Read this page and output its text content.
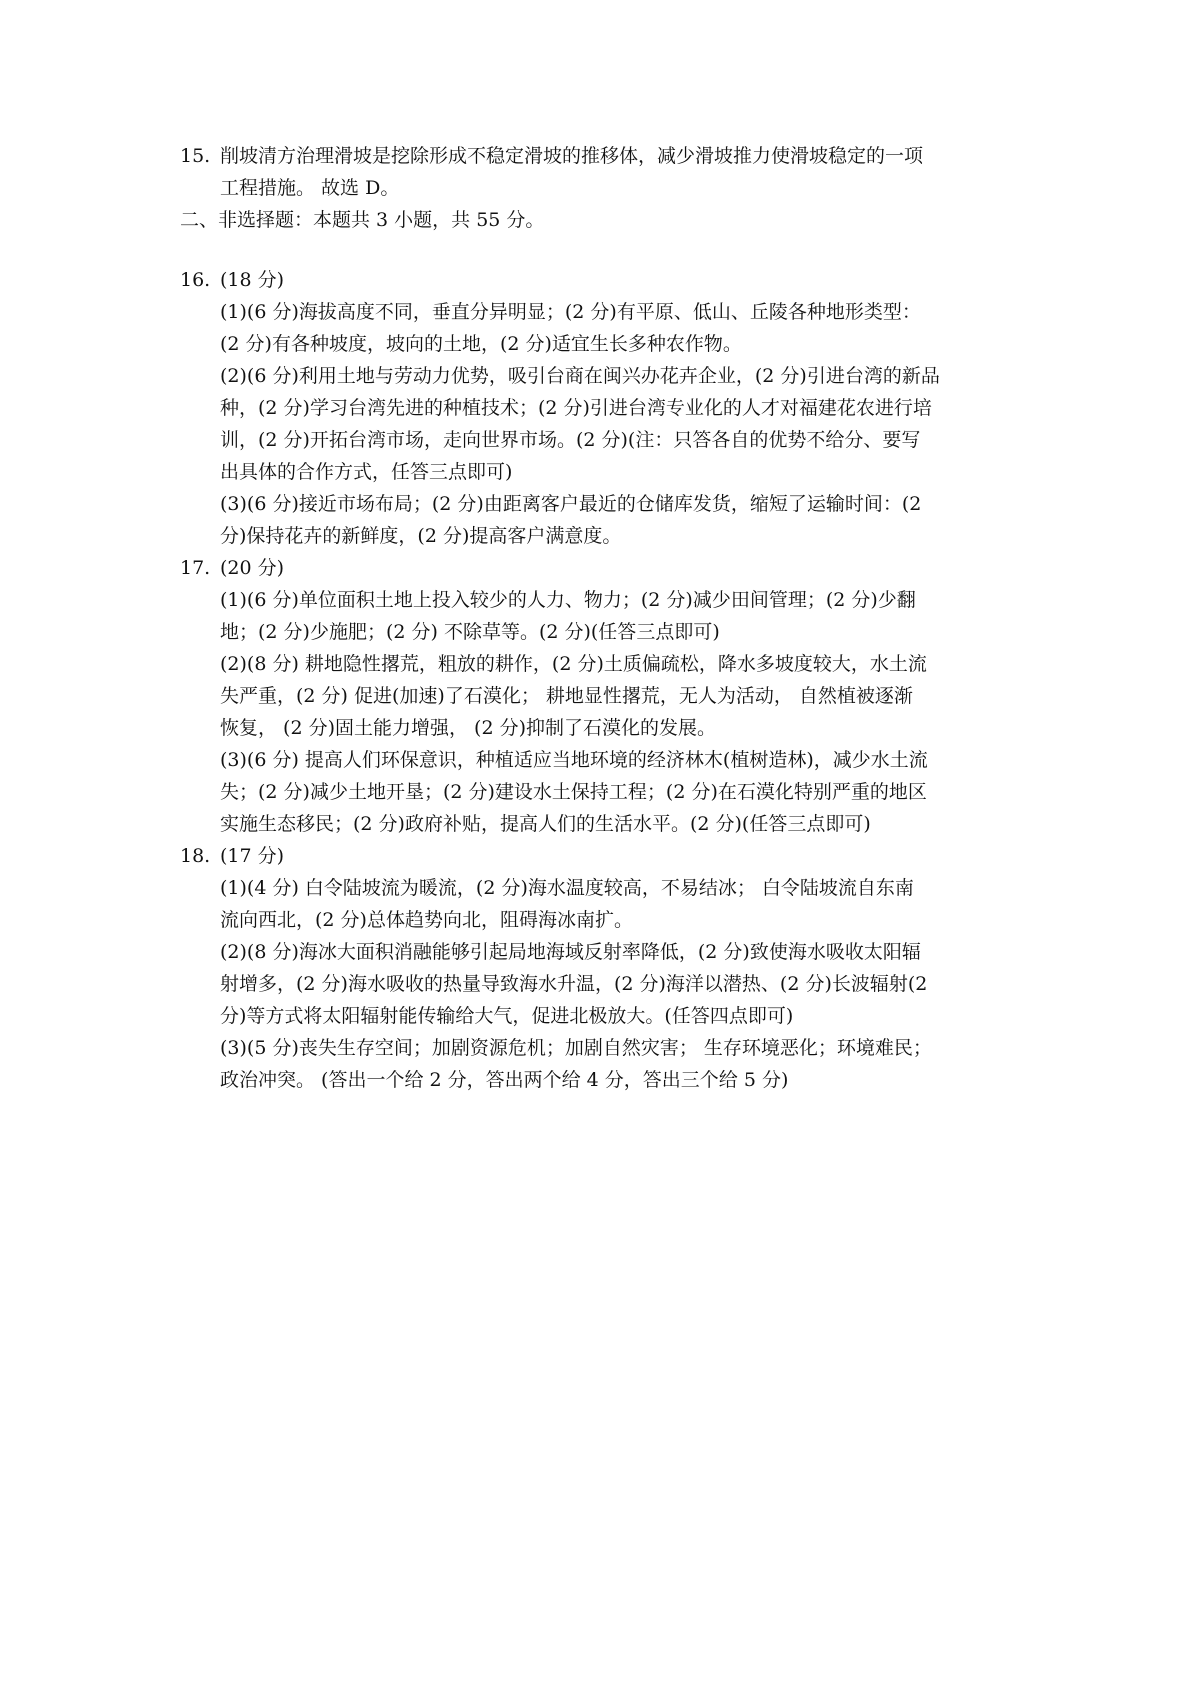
15. 削坡清方治理滑坡是挖除形成不稳定滑坡的推移体，减少滑坡推力使滑坡稳定的一项

工程措施。 故选 D。

二、非选择题：本题共 3 小题，共 55 分。

16. (18 分)

(1)(6 分)海拔高度不同，垂直分异明显；(2 分)有平原、低山、丘陵各种地形类型：

(2 分)有各种坡度，坡向的土地，(2 分)适宜生长多种农作物。

(2)(6 分)利用土地与劳动力优势，吸引台商在闽兴办花卉企业，(2 分)引进台湾的新品

种，(2 分)学习台湾先进的种植技术；(2 分)引进台湾专业化的人才对福建花农进行培

训，(2 分)开拓台湾市场，走向世界市场。(2 分)(注：只答各自的优势不给分、要写

出具体的合作方式，任答三点即可)

(3)(6 分)接近市场布局；(2 分)由距离客户最近的仓储库发货，缩短了运输时间：(2

分)保持花卉的新鲜度，(2 分)提高客户满意度。

17. (20 分)

(1)(6 分)单位面积土地上投入较少的人力、物力；(2 分)减少田间管理；(2 分)少翻

地；(2 分)少施肥；(2 分) 不除草等。(2 分)(任答三点即可)

(2)(8 分) 耕地隐性撂荒，粗放的耕作，(2 分)土质偏疏松，降水多坡度较大，水土流

失严重，(2 分) 促进(加速)了石漠化； 耕地显性撂荒，无人为活动， 自然植被逐渐

恢复， (2 分)固土能力增强， (2 分)抑制了石漠化的发展。

(3)(6 分) 提高人们环保意识，种植适应当地环境的经济林木(植树造林)，减少水土流

失；(2 分)减少土地开垦；(2 分)建设水土保持工程；(2 分)在石漠化特别严重的地区

实施生态移民；(2 分)政府补贴，提高人们的生活水平。(2 分)(任答三点即可)

18. (17 分)

(1)(4 分) 白令陆坡流为暖流，(2 分)海水温度较高，不易结冰； 白令陆坡流自东南

流向西北，(2 分)总体趋势向北，阻碍海冰南扩。

(2)(8 分)海冰大面积消融能够引起局地海域反射率降低，(2 分)致使海水吸收太阳辐

射增多，(2 分)海水吸收的热量导致海水升温，(2 分)海洋以潜热、(2 分)长波辐射(2

分)等方式将太阳辐射能传输给大气，促进北极放大。(任答四点即可)

(3)(5 分)丧失生存空间；加剧资源危机；加剧自然灾害； 生存环境恶化；环境难民；

政治冲突。 (答出一个给 2 分，答出两个给 4 分，答出三个给 5 分)
